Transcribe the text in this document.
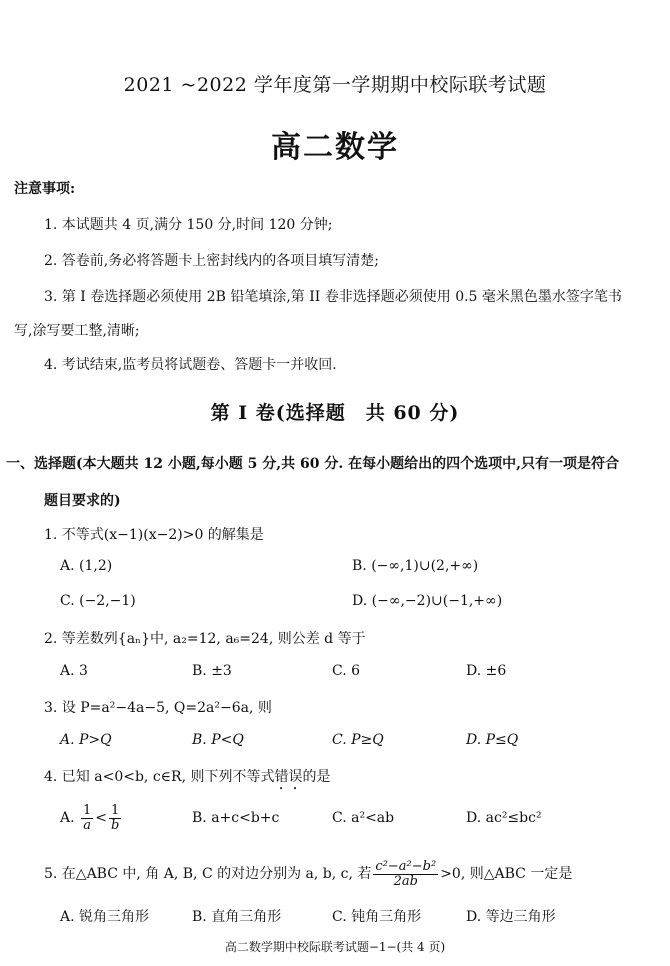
2021 ~2022 学年度第一学期期中校际联考试题
高二数学
注意事项:
1. 本试题共 4 页,满分 150 分,时间 120 分钟;
2. 答卷前,务必将答题卡上密封线内的各项目填写清楚;
3. 第 I 卷选择题必须使用 2B 铅笔填涂,第 II 卷非选择题必须使用 0.5 毫米黑色墨水签字笔书
写,涂写要工整,清晰;
4. 考试结束,监考员将试题卷、答题卡一并收回.
第 I 卷(选择题　共 60 分)
一、选择题(本大题共 12 小题,每小题 5 分,共 60 分. 在每小题给出的四个选项中,只有一项是符合
题目要求的)
1. 不等式(x−1)(x−2)>0 的解集是
A. (1,2)	B. (−∞,1)∪(2,+∞)
C. (−2,−1)	D. (−∞,−2)∪(−1,+∞)
2. 等差数列{aₙ}中, a₂=12, a₆=24, 则公差 d 等于
A. 3	B. ±3	C. 6	D. ±6
3. 设 P=a²−4a−5, Q=2a²−6a, 则
A. P>Q	B. P<Q	C. P≥Q	D. P≤Q
4. 已知 a<0<b, c∈R, 则下列不等式错误的是
A. $\frac{1}{a} < \frac{1}{b}$	B. a+c<b+c	C. a²<ab	D. ac²≤bc²
5. 在△ABC 中, 角 A, B, C 的对边分别为 a, b, c, 若 $\frac{\text{c²−a²−b²}}{2ab} >0$, 则△ABC 一定是
A. 锐角三角形	B. 直角三角形	C. 钝角三角形	D. 等边三角形
高二数学期中校际联考试题−1−(共 4 页)
